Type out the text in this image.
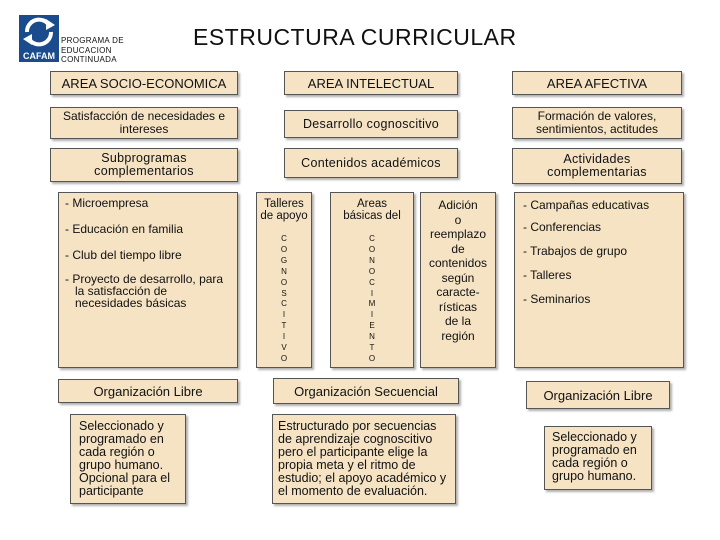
CAFAM
PROGRAMA DE
EDUCACION
CONTINUADA
ESTRUCTURA CURRICULAR
AREA SOCIO-ECONOMICA
Satisfacción de necesidades e intereses
Subprogramas complementarios
- Microempresa
- Educación en familia
- Club del tiempo libre
- Proyecto de desarrollo, para la satisfacción de necesidades básicas
Organización Libre
Seleccionado y programado en cada región o grupo humano. Opcional para el participante
AREA INTELECTUAL
Desarrollo cognoscitivo
Contenidos académicos
Talleres de apoyo
C
O
G
N
O
S
C
I
T
I
V
O
Areas básicas del
C
O
N
O
C
I
M
I
E
N
T
O
Adición
o
reemplazo
de
contenidos
según
caracte-
rísticas
de la
región
Organización Secuencial
Estructurado por secuencias de aprendizaje cognoscitivo pero el participante elige la propia meta y el ritmo de estudio; el apoyo académico y el momento de evaluación.
AREA AFECTIVA
Formación de valores, sentimientos, actitudes
Actividades complementarias
- Campañas educativas
- Conferencias
- Trabajos de grupo
- Talleres
- Seminarios
Organización Libre
Seleccionado y programado en cada región o grupo humano.
